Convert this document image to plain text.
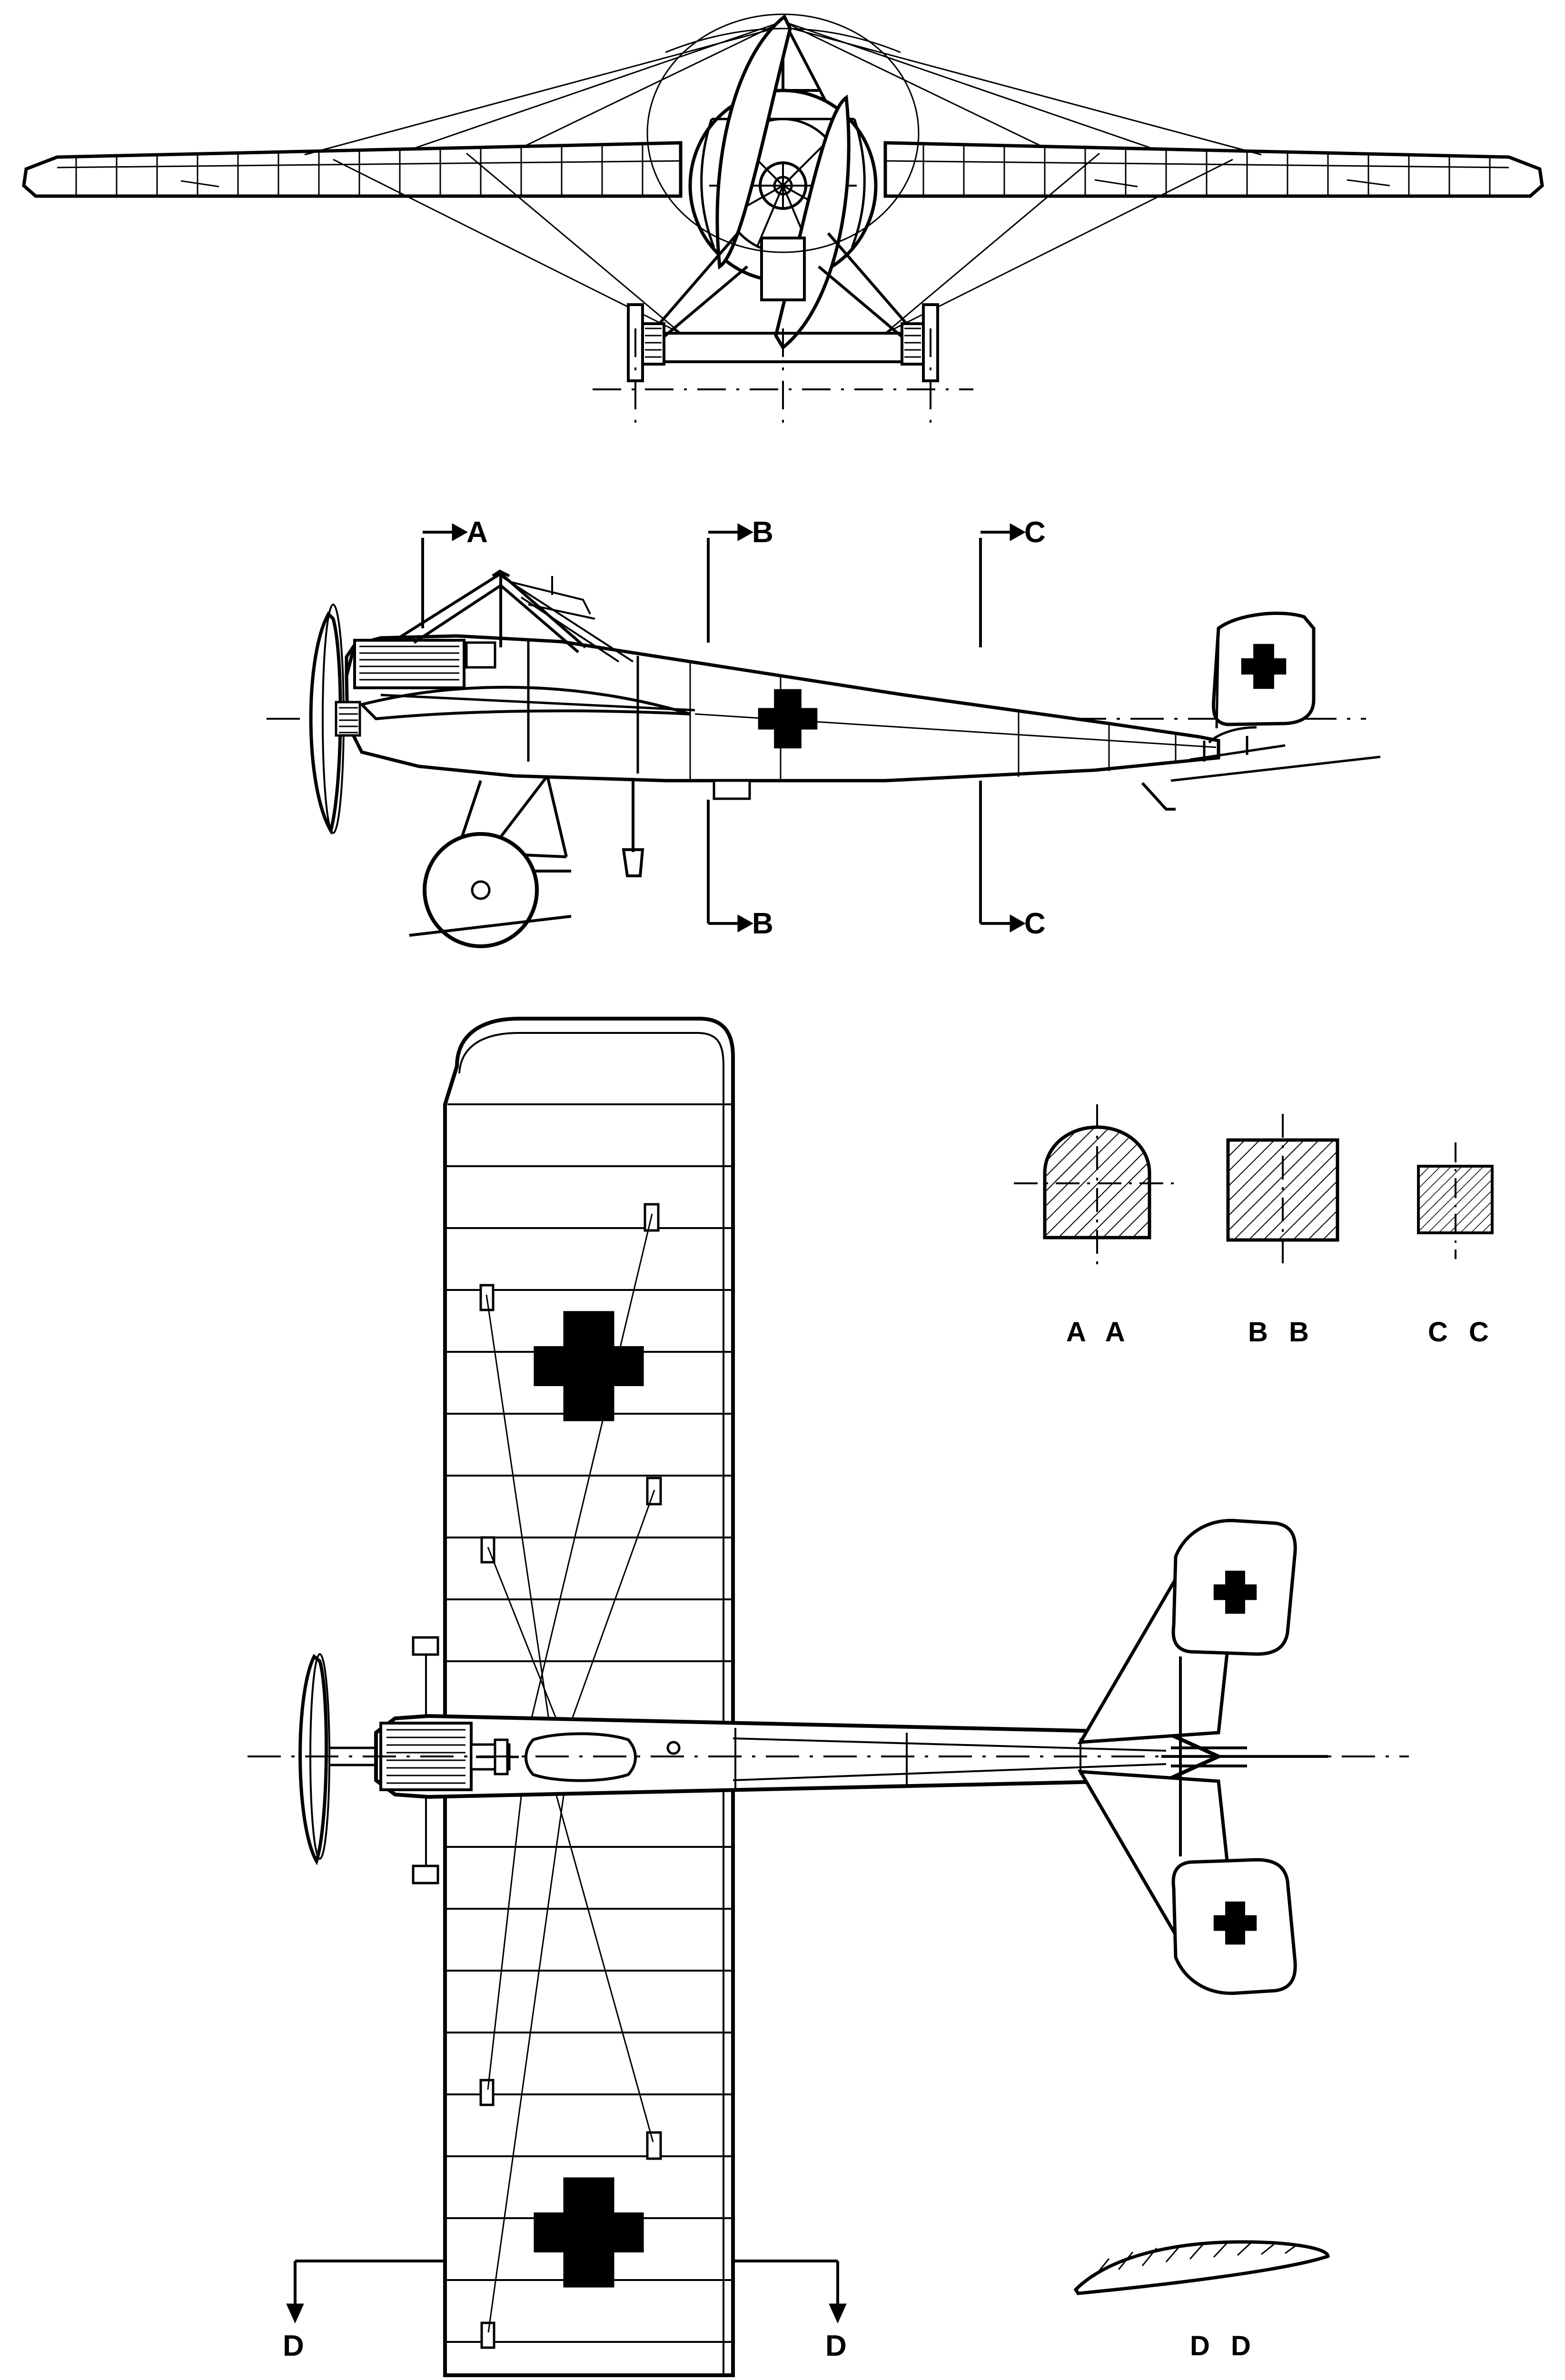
A	B	C
B	C
D	D
A A	B B	C C
D D
